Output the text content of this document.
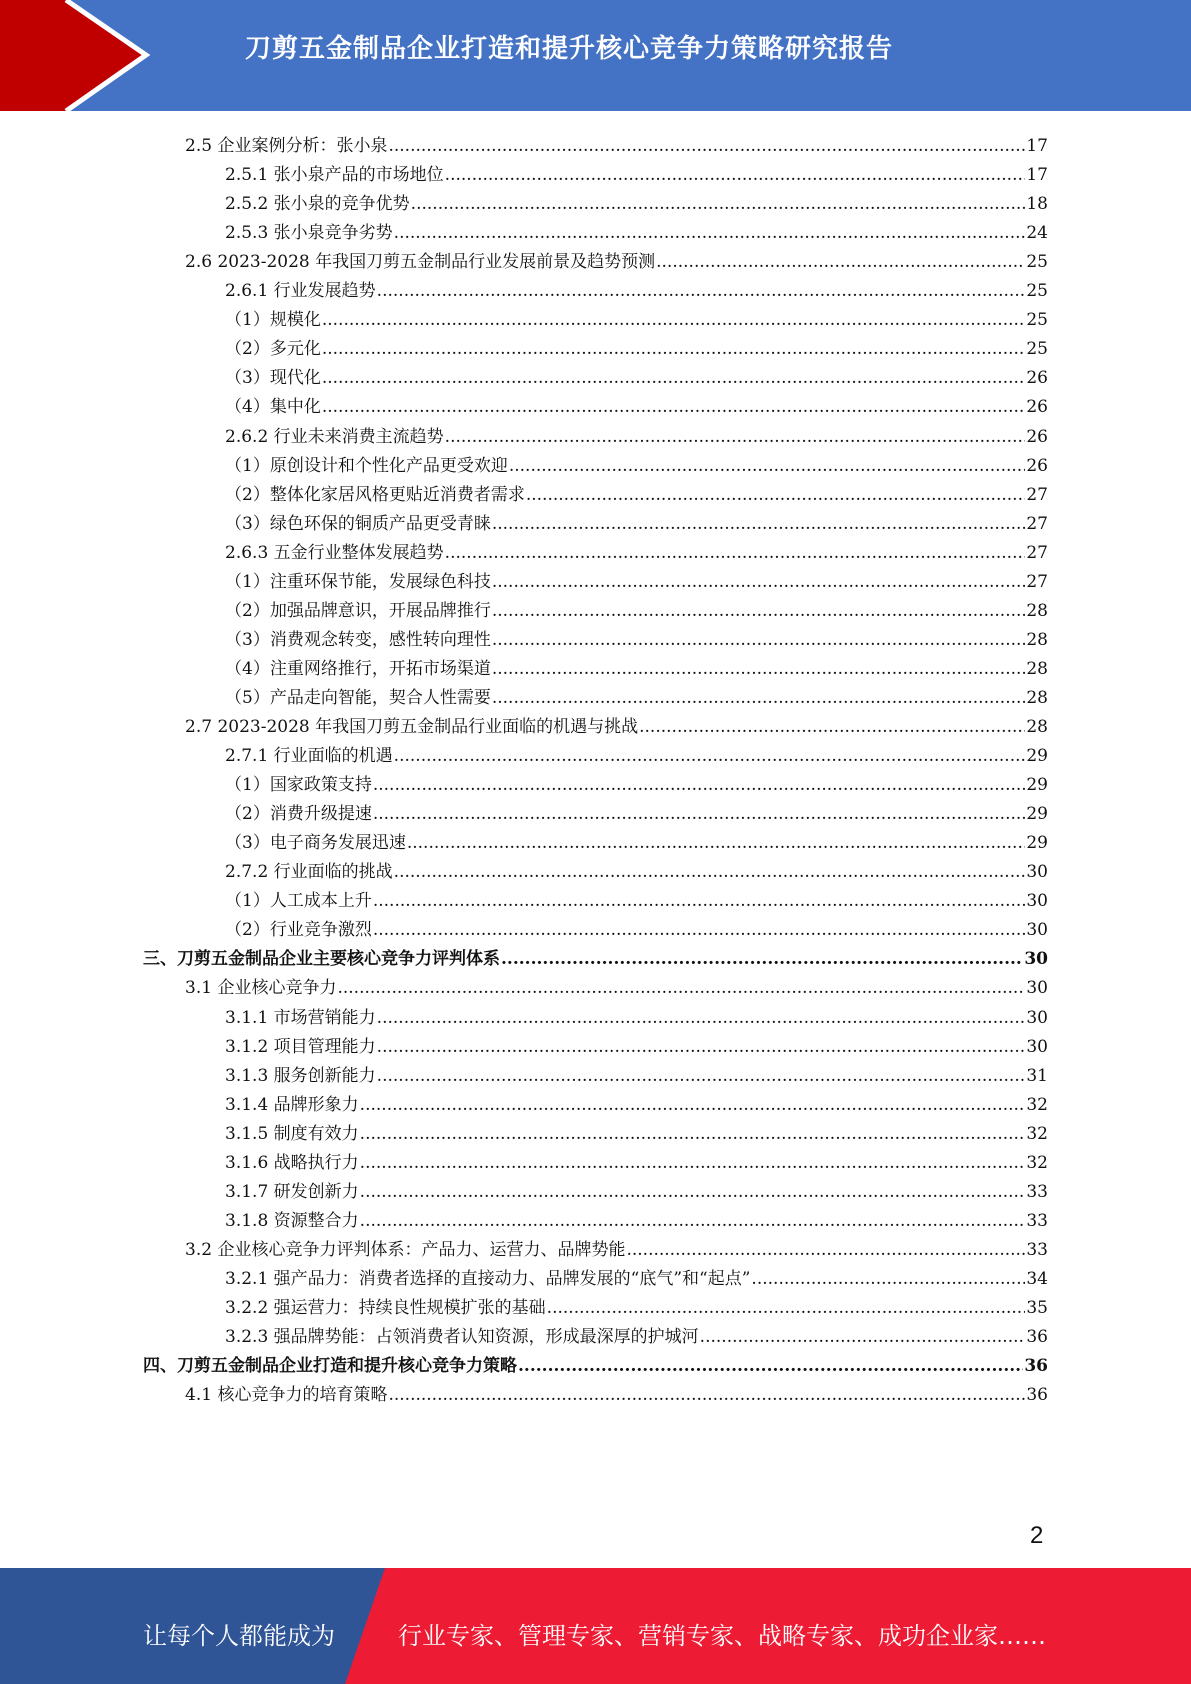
刀剪五金制品企业打造和提升核心竞争力策略研究报告
2.5 企业案例分析：张小泉 .....	17
2.5.1 张小泉产品的市场地位 .....	17
2.5.2 张小泉的竞争优势 .....	18
2.5.3 张小泉竞争劣势 .....	24
2.6 2023-2028 年我国刀剪五金制品行业发展前景及趋势预测 .....	25
2.6.1 行业发展趋势 .....	25
（1）规模化 .....	25
（2）多元化 .....	25
（3）现代化 .....	26
（4）集中化 .....	26
2.6.2 行业未来消费主流趋势 .....	26
（1）原创设计和个性化产品更受欢迎 .....	26
（2）整体化家居风格更贴近消费者需求 .....	27
（3）绿色环保的铜质产品更受青睐 .....	27
2.6.3 五金行业整体发展趋势 .....	27
（1）注重环保节能，发展绿色科技 .....	27
（2）加强品牌意识，开展品牌推行 .....	28
（3）消费观念转变，感性转向理性 .....	28
（4）注重网络推行，开拓市场渠道 .....	28
（5）产品走向智能，契合人性需要 .....	28
2.7 2023-2028 年我国刀剪五金制品行业面临的机遇与挑战 .....	28
2.7.1 行业面临的机遇 .....	29
（1）国家政策支持 .....	29
（2）消费升级提速 .....	29
（3）电子商务发展迅速 .....	29
2.7.2 行业面临的挑战 .....	30
（1）人工成本上升 .....	30
（2）行业竞争激烈 .....	30
三、刀剪五金制品企业主要核心竞争力评判体系 .....	30
3.1 企业核心竞争力 .....	30
3.1.1 市场营销能力 .....	30
3.1.2 项目管理能力 .....	30
3.1.3 服务创新能力 .....	31
3.1.4 品牌形象力 .....	32
3.1.5 制度有效力 .....	32
3.1.6 战略执行力 .....	32
3.1.7 研发创新力 .....	33
3.1.8 资源整合力 .....	33
3.2 企业核心竞争力评判体系：产品力、运营力、品牌势能 .....	33
3.2.1 强产品力：消费者选择的直接动力、品牌发展的“底气”和“起点” .....	34
3.2.2 强运营力：持续良性规模扩张的基础 .....	35
3.2.3 强品牌势能：占领消费者认知资源，形成最深厚的护城河 .....	36
四、刀剪五金制品企业打造和提升核心竞争力策略 .....	36
4.1 核心竞争力的培育策略 .....	36
2
让每个人都能成为	行业专家、管理专家、营销专家、战略专家、成功企业家……
